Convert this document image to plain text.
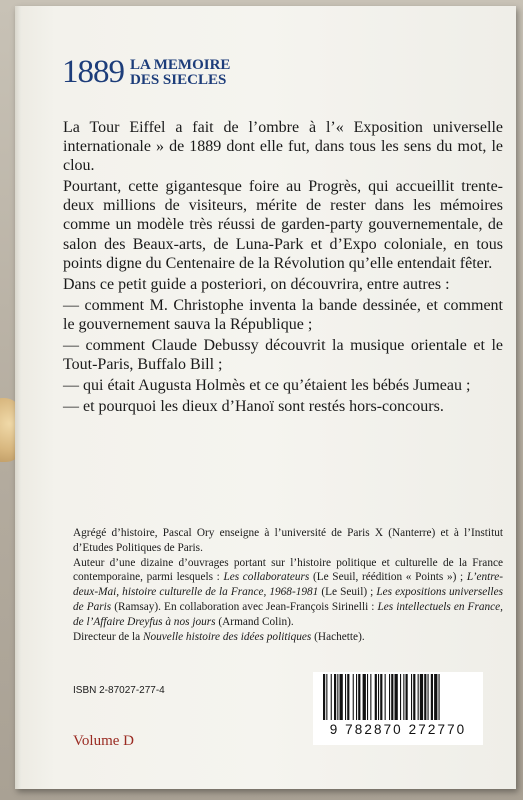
1889 LA MEMOIRE
DES SIECLES

La Tour Eiffel a fait de l’ombre à l’« Exposition universelle internationale » de 1889 dont elle fut, dans tous les sens du mot, le clou.

Pourtant, cette gigantesque foire au Progrès, qui accueillit trente-deux millions de visiteurs, mérite de rester dans les mémoires comme un modèle très réussi de garden-party gouvernementale, de salon des Beaux-arts, de Luna-Park et d’Expo coloniale, en tous points digne du Centenaire de la Révolution qu’elle entendait fêter.

Dans ce petit guide a posteriori, on découvrira, entre autres :

— comment M. Christophe inventa la bande dessinée, et comment le gouvernement sauva la République ;

— comment Claude Debussy découvrit la musique orientale et le Tout-Paris, Buffalo Bill ;

— qui était Augusta Holmès et ce qu’étaient les bébés Jumeau ;

— et pourquoi les dieux d’Hanoï sont restés hors-concours.

Agrégé d’histoire, Pascal Ory enseigne à l’université de Paris X (Nanterre) et à l’Institut d’Etudes Politiques de Paris.

Auteur d’une dizaine d’ouvrages portant sur l’histoire politique et culturelle de la France contemporaine, parmi lesquels : Les collaborateurs (Le Seuil, réédition « Points ») ; L’entre-deux-Mai, histoire culturelle de la France, 1968-1981 (Le Seuil) ; Les expositions universelles de Paris (Ramsay). En collaboration avec Jean-François Sirinelli : Les intellectuels en France, de l’Affaire Dreyfus à nos jours (Armand Colin).

Directeur de la Nouvelle histoire des idées politiques (Hachette).

ISBN 2-87027-277-4
Volume D
9 782870 272770
